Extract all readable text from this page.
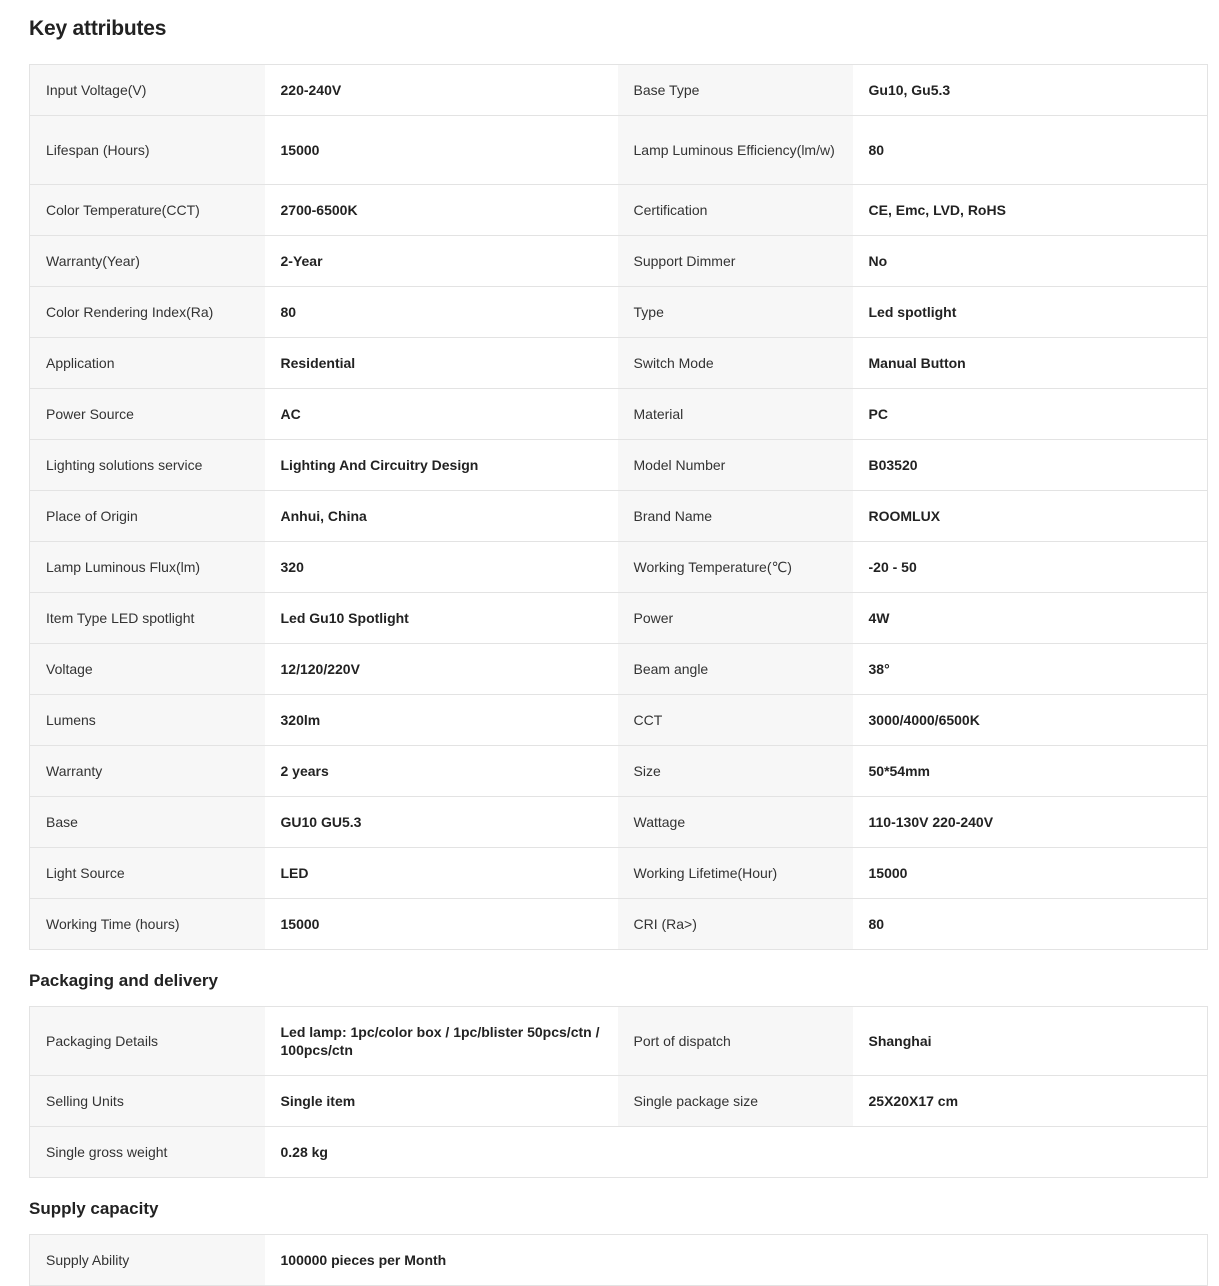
Key attributes
Input Voltage(V)	220-240V	Base Type	Gu10, Gu5.3
Lifespan (Hours)	15000	Lamp Luminous Efficiency(lm/w)	80
Color Temperature(CCT)	2700-6500K	Certification	CE, Emc, LVD, RoHS
Warranty(Year)	2-Year	Support Dimmer	No
Color Rendering Index(Ra)	80	Type	Led spotlight
Application	Residential	Switch Mode	Manual Button
Power Source	AC	Material	PC
Lighting solutions service	Lighting And Circuitry Design	Model Number	B03520
Place of Origin	Anhui, China	Brand Name	ROOMLUX
Lamp Luminous Flux(lm)	320	Working Temperature(℃)	-20 - 50
Item Type LED spotlight	Led Gu10 Spotlight	Power	4W
Voltage	12/120/220V	Beam angle	38°
Lumens	320lm	CCT	3000/4000/6500K
Warranty	2 years	Size	50*54mm
Base	GU10 GU5.3	Wattage	110-130V 220-240V
Light Source	LED	Working Lifetime(Hour)	15000
Working Time (hours)	15000	CRI (Ra>)	80
Packaging and delivery
Packaging Details	Led lamp: 1pc/color box / 1pc/blister 50pcs/ctn / 100pcs/ctn	Port of dispatch	Shanghai
Selling Units	Single item	Single package size	25X20X17 cm
Single gross weight	0.28 kg		
Supply capacity
Supply Ability	100000 pieces per Month		
